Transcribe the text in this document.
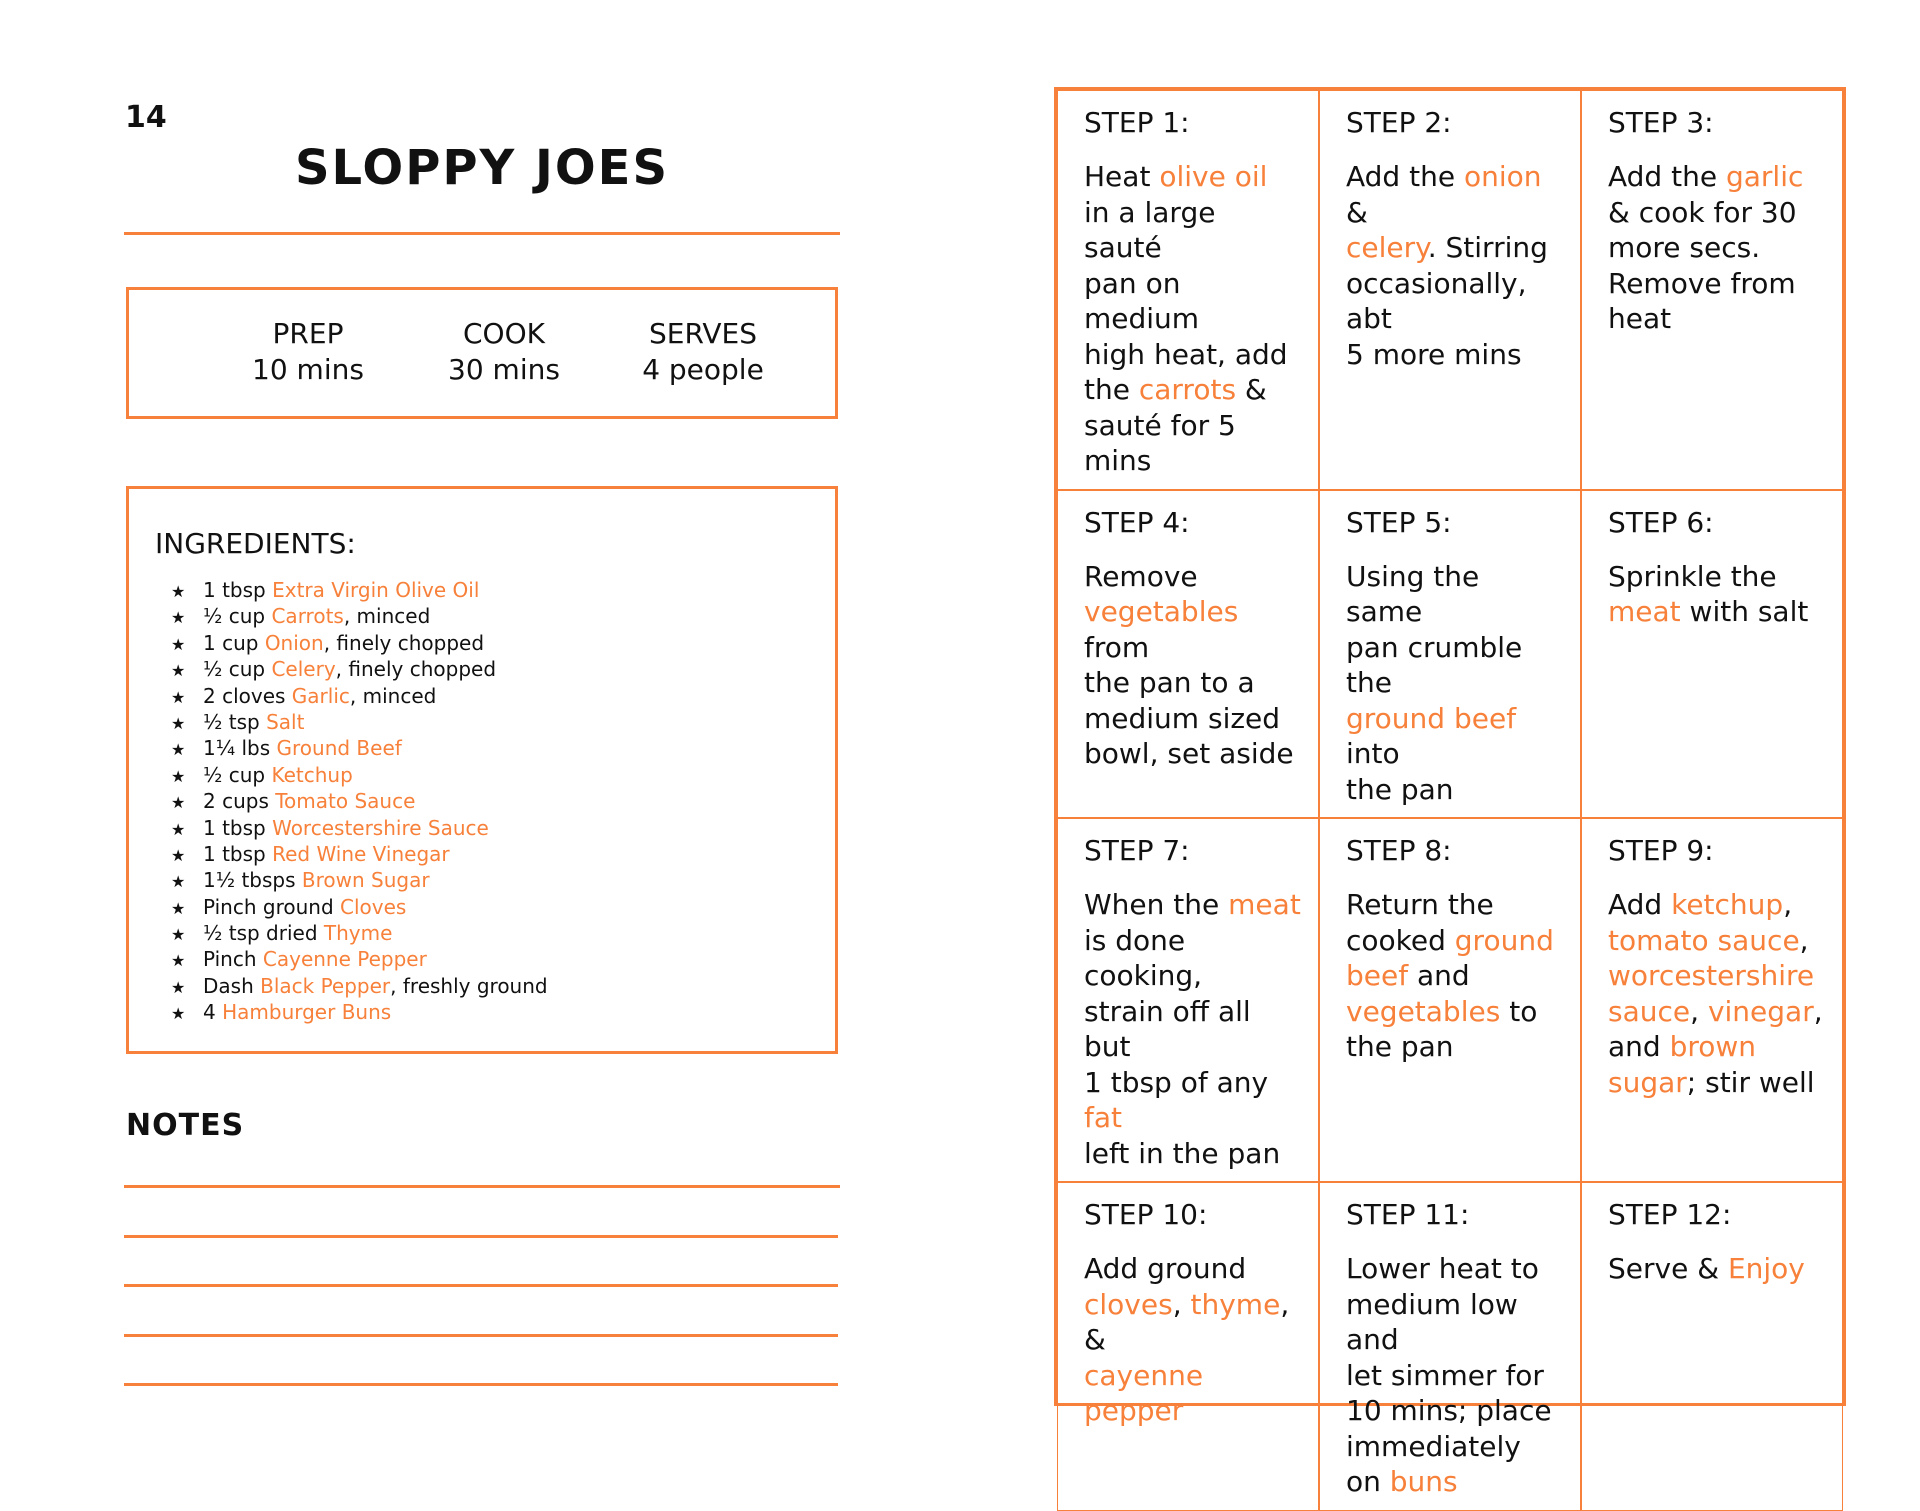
14
SLOPPY JOES
PREP
10 mins
COOK
30 mins
SERVES
4 people
INGREDIENTS:
★ 1 tbsp Extra Virgin Olive Oil
★ ½ cup Carrots, minced
★ 1 cup Onion, finely chopped
★ ½ cup Celery, finely chopped
★ 2 cloves Garlic, minced
★ ½ tsp Salt
★ 1¼ lbs Ground Beef
★ ½ cup Ketchup
★ 2 cups Tomato Sauce
★ 1 tbsp Worcestershire Sauce
★ 1 tbsp Red Wine Vinegar
★ 1½ tbsps Brown Sugar
★ Pinch ground Cloves
★ ½ tsp dried Thyme
★ Pinch Cayenne Pepper
★ Dash Black Pepper, freshly ground
★ 4 Hamburger Buns
NOTES
STEP 1:
Heat olive oil
in a large sauté
pan on medium
high heat, add
the carrots &
sauté for 5 mins
STEP 2:
Add the onion &
celery. Stirring
occasionally, abt
5 more mins
STEP 3:
Add the garlic
& cook for 30
more secs.
Remove from
heat
STEP 4:
Remove
vegetables from
the pan to a
medium sized
bowl, set aside
STEP 5:
Using the same
pan crumble the
ground beef into
the pan
STEP 6:
Sprinkle the
meat with salt
STEP 7:
When the meat
is done cooking,
strain off all but
1 tbsp of any fat
left in the pan
STEP 8:
Return the
cooked ground
beef and
vegetables to
the pan
STEP 9:
Add ketchup,
tomato sauce,
worcestershire
sauce, vinegar,
and brown
sugar; stir well
STEP 10:
Add ground
cloves, thyme, &
cayenne pepper
STEP 11:
Lower heat to
medium low and
let simmer for
10 mins; place
immediately
on buns
STEP 12:
Serve & Enjoy
